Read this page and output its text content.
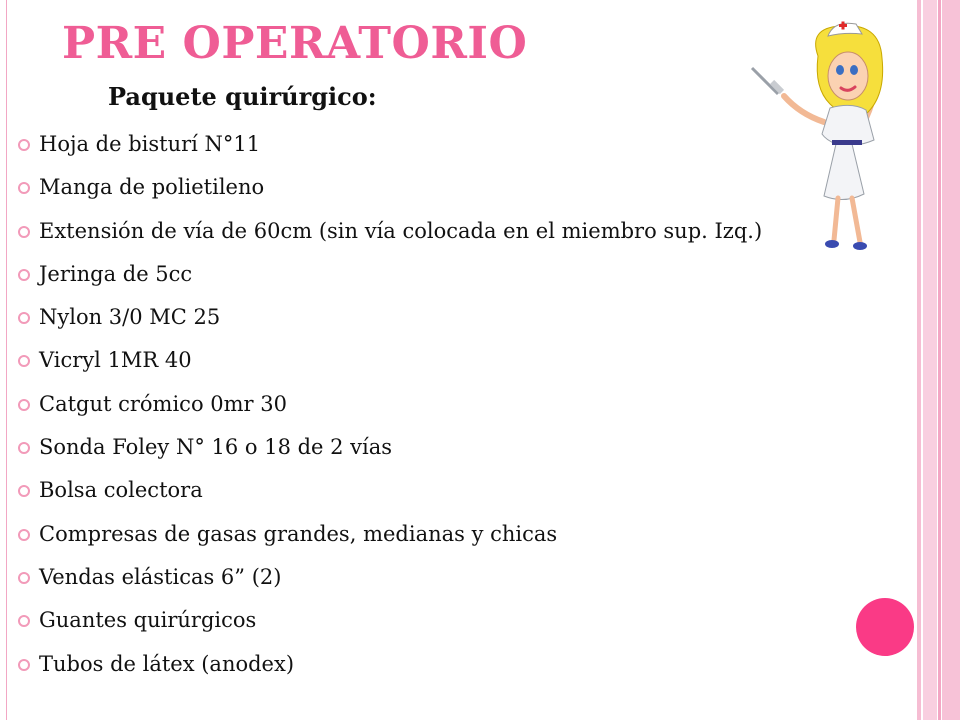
PRE OPERATORIO
Paquete quirúrgico:
Hoja de bisturí N°11
Manga de polietileno
Extensión de vía de 60cm (sin vía colocada en el miembro sup. Izq.)
Jeringa de 5cc
Nylon 3/0 MC 25
Vicryl 1MR 40
Catgut crómico 0mr 30
Sonda Foley N° 16 o 18 de 2 vías
Bolsa colectora
Compresas de gasas grandes, medianas y chicas
Vendas elásticas 6” (2)
Guantes quirúrgicos
Tubos de látex (anodex)
